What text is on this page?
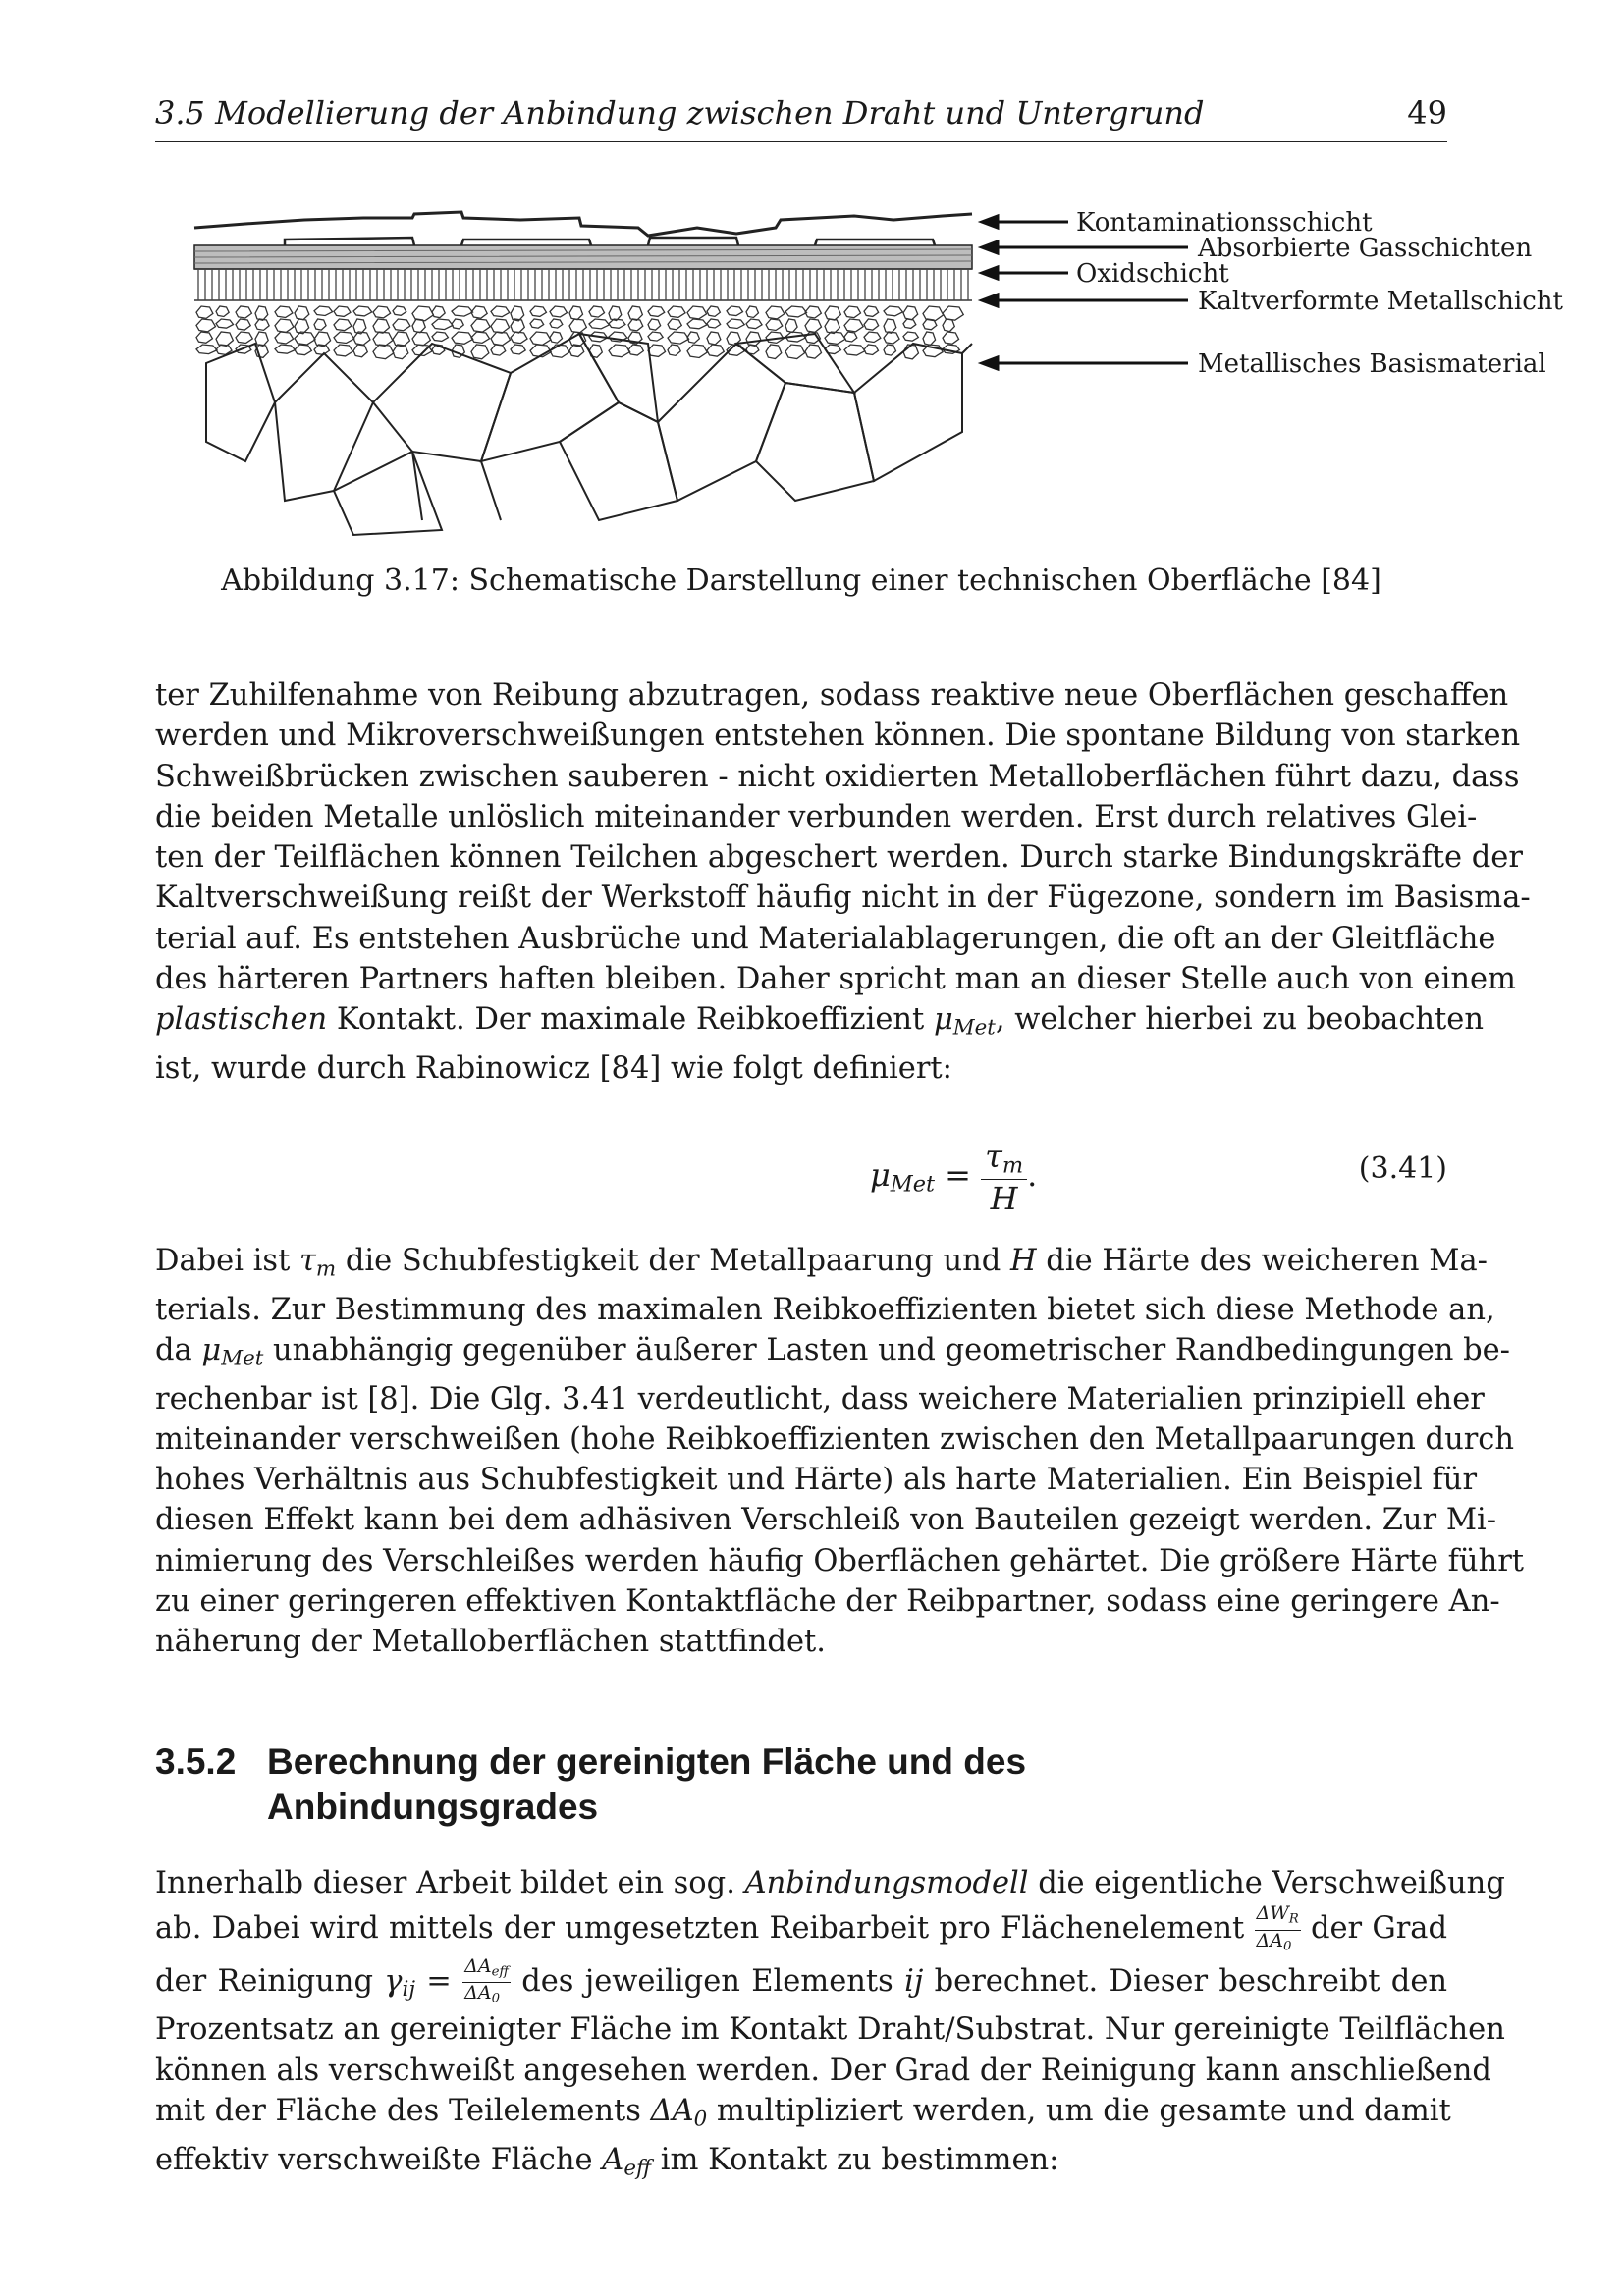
3.5 Modellierung der Anbindung zwischen Draht und Untergrund	49
Kontaminationsschicht
Absorbierte Gasschichten
Oxidschicht
Kaltverformte Metallschicht
Metallisches Basismaterial
Abbildung 3.17: Schematische Darstellung einer technischen Oberfläche [84]

ter Zuhilfenahme von Reibung abzutragen, sodass reaktive neue Oberflächen geschaffen
werden und Mikroverschweißungen entstehen können. Die spontane Bildung von starken
Schweißbrücken zwischen sauberen - nicht oxidierten Metalloberflächen führt dazu, dass
die beiden Metalle unlöslich miteinander verbunden werden. Erst durch relatives Glei-
ten der Teilflächen können Teilchen abgeschert werden. Durch starke Bindungskräfte der
Kaltverschweißung reißt der Werkstoff häufig nicht in der Fügezone, sondern im Basisma-
terial auf. Es entstehen Ausbrüche und Materialablagerungen, die oft an der Gleitfläche
des härteren Partners haften bleiben. Daher spricht man an dieser Stelle auch von einem
plastischen Kontakt. Der maximale Reibkoeffizient $\mu_{Met}$, welcher hierbei zu beobachten
ist, wurde durch Rabinowicz [84] wie folgt definiert:

$\mu_{Met} = \frac{\tau_m}{H}$ .	(3.41)

Dabei ist $\tau_m$ die Schubfestigkeit der Metallpaarung und H die Härte des weicheren Ma-
terials. Zur Bestimmung des maximalen Reibkoeffizienten bietet sich diese Methode an,
da $\mu_{Met}$ unabhängig gegenüber äußerer Lasten und geometrischer Randbedingungen be-
rechenbar ist [8]. Die Glg. 3.41 verdeutlicht, dass weichere Materialien prinzipiell eher
miteinander verschweißen (hohe Reibkoeffizienten zwischen den Metallpaarungen durch
hohes Verhältnis aus Schubfestigkeit und Härte) als harte Materialien. Ein Beispiel für
diesen Effekt kann bei dem adhäsiven Verschleiß von Bauteilen gezeigt werden. Zur Mi-
nimierung des Verschleißes werden häufig Oberflächen gehärtet. Die größere Härte führt
zu einer geringeren effektiven Kontaktfläche der Reibpartner, sodass eine geringere An-
näherung der Metalloberflächen stattfindet.

3.5.2 Berechnung der gereinigten Fläche und des
Anbindungsgrades

Innerhalb dieser Arbeit bildet ein sog. Anbindungsmodell die eigentliche Verschweißung
ab. Dabei wird mittels der umgesetzten Reibarbeit pro Flächenelement $\Delta W_R$
$\Delta A_0$
der Grad
der Reinigung $\gamma_{ij} = \Delta A_{eff}$
$\Delta A_0$
des jeweiligen Elements ij berechnet. Dieser beschreibt den
Prozentsatz an gereinigter Fläche im Kontakt Draht/Substrat. Nur gereinigte Teilflächen
können als verschweißt angesehen werden. Der Grad der Reinigung kann anschließend
mit der Fläche des Teilelements $\Delta A_0$ multipliziert werden, um die gesamte und damit
effektiv verschweißte Fläche $A_{eff}$ im Kontakt zu bestimmen:
